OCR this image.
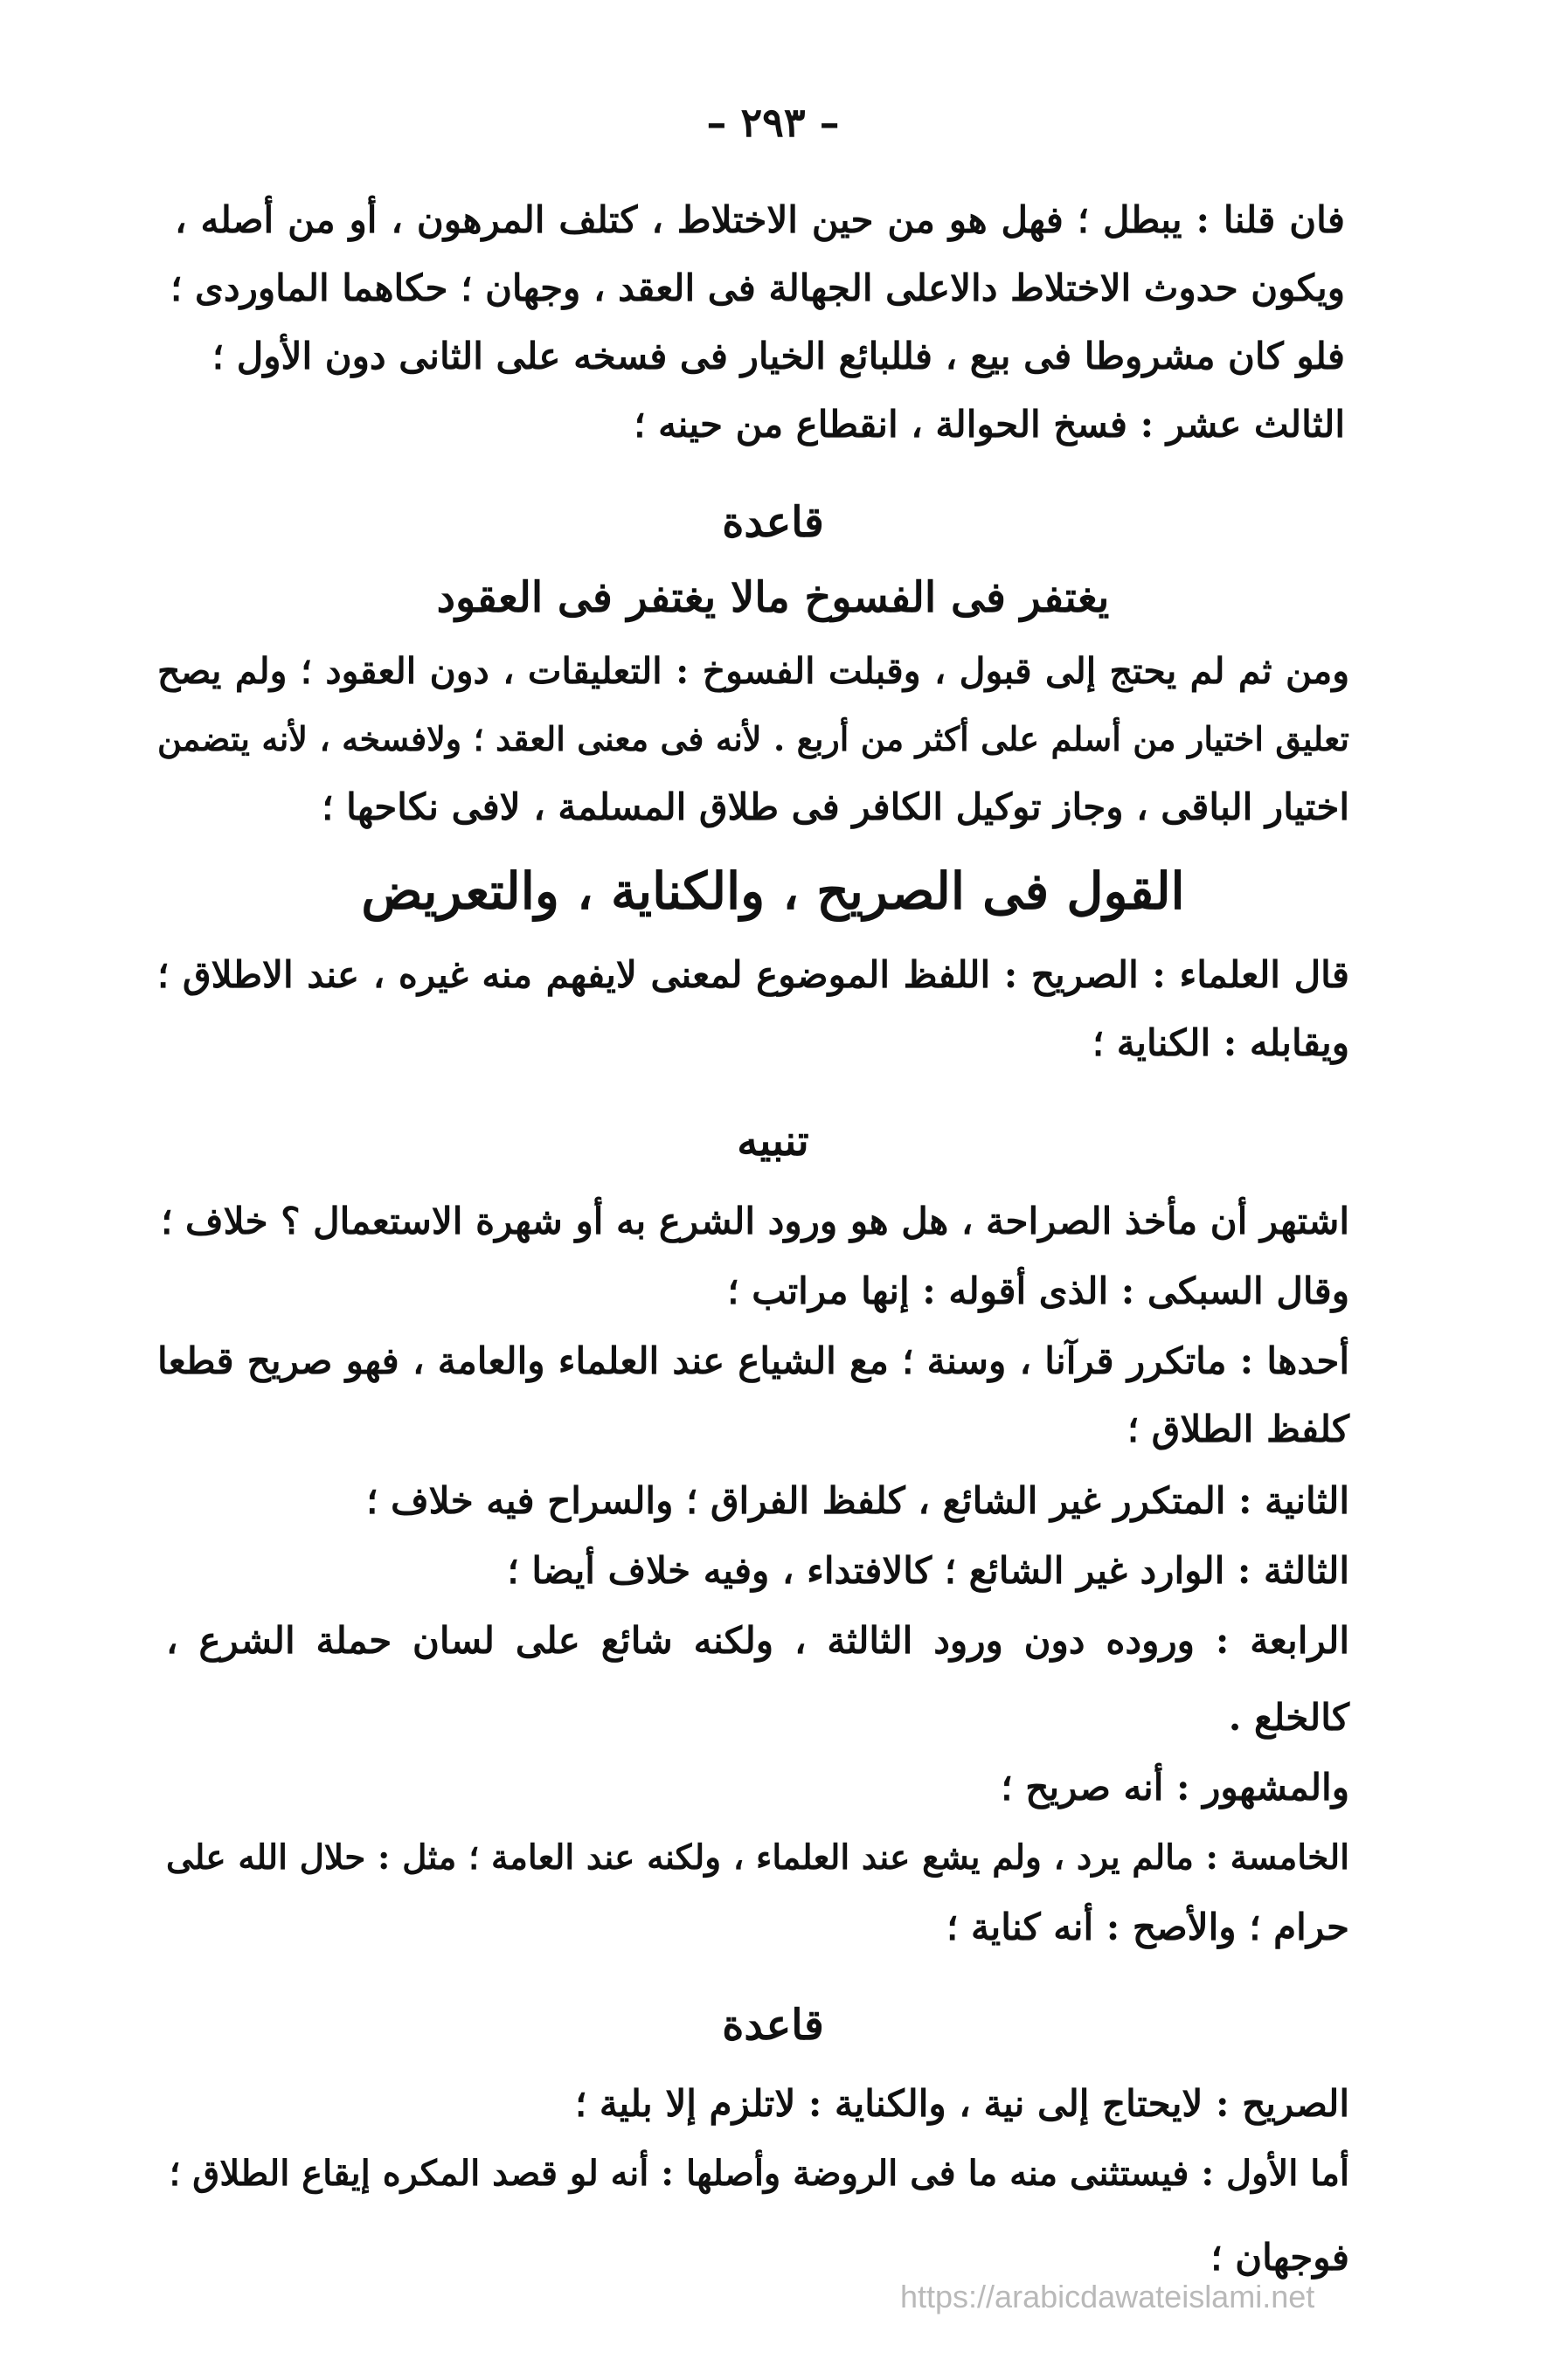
– ٢٩٣ –

فان قلنا : يبطل ؛ فهل هو من حين الاختلاط ، كتلف المرهون ، أو من أصله ،

ويكون حدوث الاختلاط دالاعلى الجهالة فى العقد ، وجهان ؛ حكاهما الماوردى ؛

فلو كان مشروطا فى بيع ، فللبائع الخيار فى فسخه على الثانى دون الأول ؛

الثالث عشر : فسخ الحوالة ، انقطاع من حينه ؛

قاعدة

يغتفر فى الفسوخ مالا يغتفر فى العقود

ومن ثم لم يحتج إلى قبول ، وقبلت الفسوخ : التعليقات ، دون العقود ؛ ولم يصح

تعليق اختيار من أسلم على أكثر من أربع . لأنه فى معنى العقد ؛ ولافسخه ، لأنه يتضمن

اختيار الباقى ، وجاز توكيل الكافر فى طلاق المسلمة ، لافى نكاحها ؛

القول فى الصريح ، والكناية ، والتعريض

قال العلماء : الصريح : اللفظ الموضوع لمعنى لايفهم منه غيره ، عند الاطلاق ؛

ويقابله : الكناية ؛

تنبيه

اشتهر أن مأخذ الصراحة ، هل هو ورود الشرع به أو شهرة الاستعمال ؟ خلاف ؛

وقال السبكى : الذى أقوله : إنها مراتب ؛

أحدها : ماتكرر قرآنا ، وسنة ؛ مع الشياع عند العلماء والعامة ، فهو صريح قطعا

كلفظ الطلاق ؛

الثانية : المتكرر غير الشائع ، كلفظ الفراق ؛ والسراح فيه خلاف ؛

الثالثة : الوارد غير الشائع ؛ كالافتداء ، وفيه خلاف أيضا ؛

الرابعة : وروده دون ورود الثالثة ، ولكنه شائع على لسان حملة الشرع ،

كالخلع .

والمشهور : أنه صريح ؛

الخامسة : مالم يرد ، ولم يشع عند العلماء ، ولكنه عند العامة ؛ مثل : حلال الله على

حرام ؛ والأصح : أنه كناية ؛

قاعدة

الصريح : لايحتاج إلى نية ، والكناية : لاتلزم إلا بلية ؛

أما الأول : فيستثنى منه ما فى الروضة وأصلها : أنه لو قصد المكره إيقاع الطلاق ؛

فوجهان ؛

https://arabicdawateislami.net
